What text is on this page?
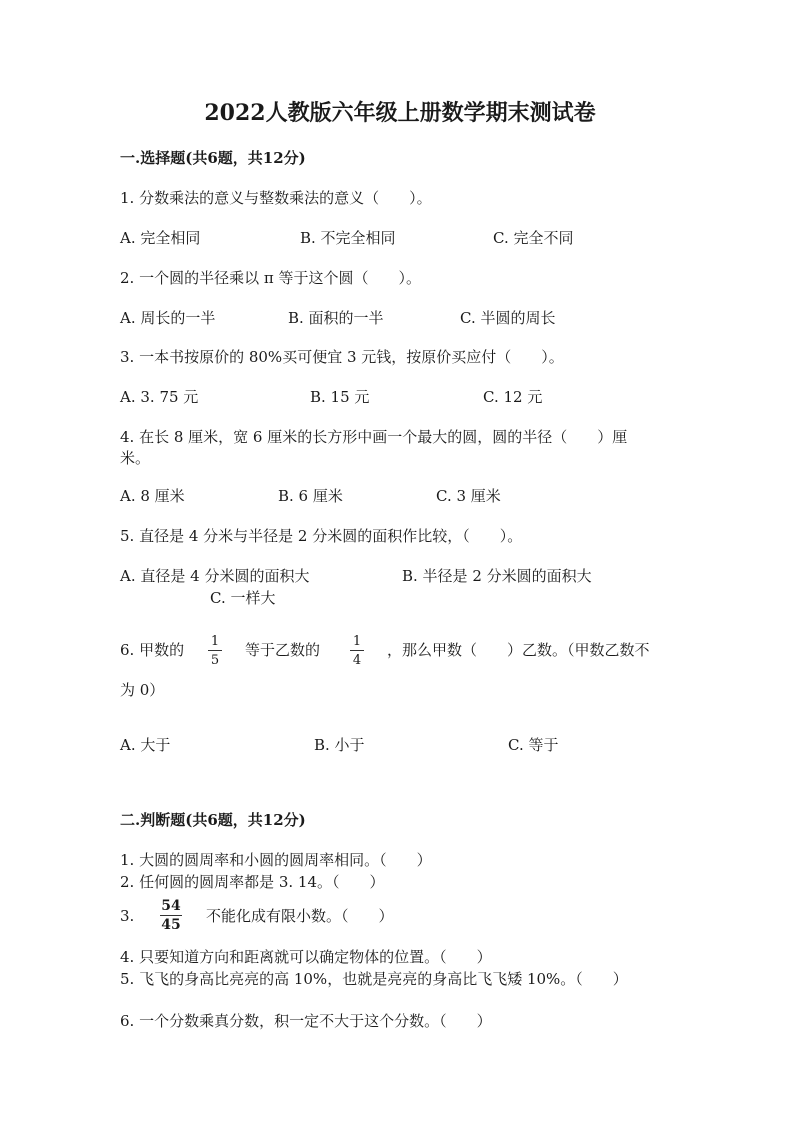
2022人教版六年级上册数学期末测试卷
一.选择题(共6题，共12分)
1. 分数乘法的意义与整数乘法的意义（　　）。
A. 完全相同	B. 不完全相同	C. 完全不同
2. 一个圆的半径乘以 π 等于这个圆（　　）。
A. 周长的一半	B. 面积的一半	C. 半圆的周长
3. 一本书按原价的 80%买可便宜 3 元钱，按原价买应付（　　）。
A. 3. 75 元	B. 15 元	C. 12 元
4. 在长 8 厘米，宽 6 厘米的长方形中画一个最大的圆，圆的半径（　　）厘
米。
A. 8 厘米	B. 6 厘米	C. 3 厘米
5. 直径是 4 分米与半径是 2 分米圆的面积作比较，（　　）。
A. 直径是 4 分米圆的面积大	B. 半径是 2 分米圆的面积大
C. 一样大
6. 甲数的 $\frac{1}{5}$ 等于乙数的 $\frac{1}{4}$ ，那么甲数（　　）乙数。（甲数乙数不
为 0）
A. 大于	B. 小于	C. 等于
二.判断题(共6题，共12分)
1. 大圆的圆周率和小圆的圆周率相同。（　　）
2. 任何圆的圆周率都是 3. 14。（　　）
3. $\frac{54}{45}$ 不能化成有限小数。（　　）
4. 只要知道方向和距离就可以确定物体的位置。（　　）
5. 飞飞的身高比亮亮的高 10%，也就是亮亮的身高比飞飞矮 10%。（　　）
6. 一个分数乘真分数，积一定不大于这个分数。（　　）
